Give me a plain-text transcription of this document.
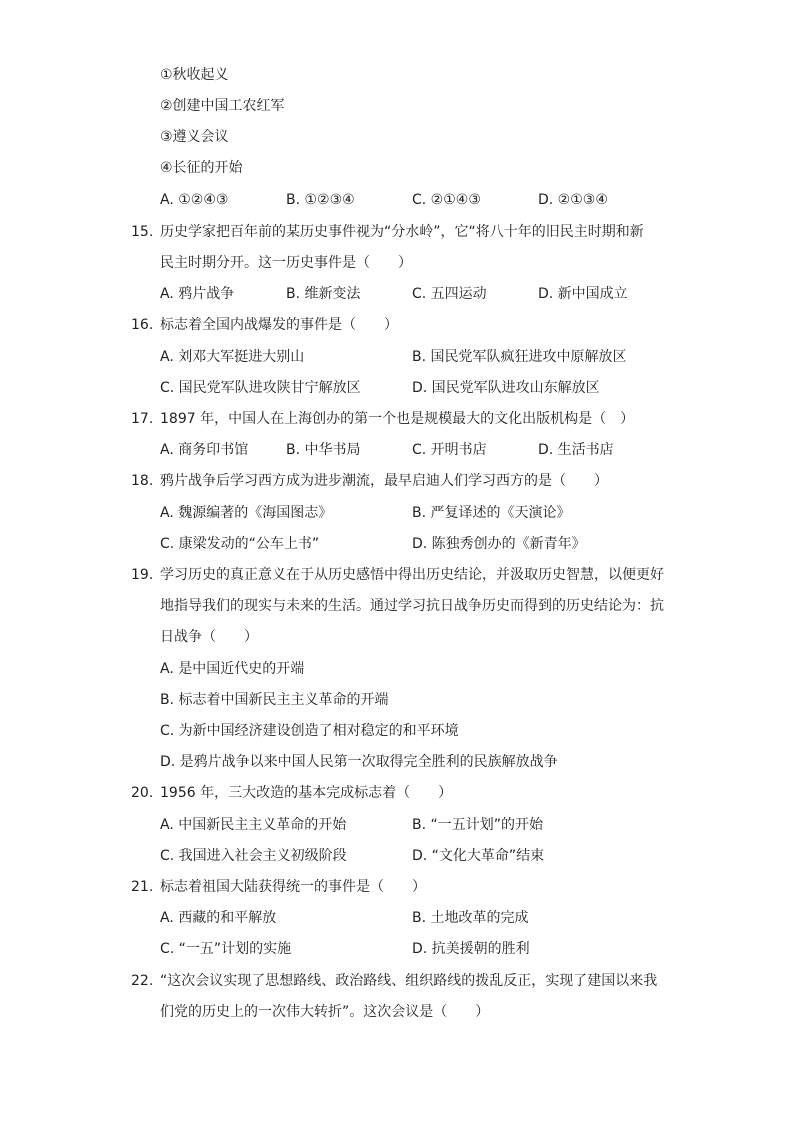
①秋收起义
②创建中国工农红军
③遵义会议
④长征的开始
A. ①②④③	B. ①②③④	C. ②①④③	D. ②①③④
15. 历史学家把百年前的某历史事件视为“分水岭”，它“将八十年的旧民主时期和新
民主时期分开。这一历史事件是（　　）
A. 鸦片战争	B. 维新变法	C. 五四运动	D. 新中国成立
16. 标志着全国内战爆发的事件是（　　）
A. 刘邓大军挺进大别山	B. 国民党军队疯狂进攻中原解放区
C. 国民党军队进攻陕甘宁解放区	D. 国民党军队进攻山东解放区
17. 1897 年，中国人在上海创办的第一个也是规模最大的文化出版机构是（　）
A. 商务印书馆	B. 中华书局	C. 开明书店	D. 生活书店
18. 鸦片战争后学习西方成为进步潮流，最早启迪人们学习西方的是（　　）
A. 魏源编著的《海国图志》	B. 严复译述的《天演论》
C. 康梁发动的“公车上书”	D. 陈独秀创办的《新青年》
19. 学习历史的真正意义在于从历史感悟中得出历史结论，并汲取历史智慧，以便更好
地指导我们的现实与未来的生活。通过学习抗日战争历史而得到的历史结论为：抗
日战争（　　）
A. 是中国近代史的开端
B. 标志着中国新民主主义革命的开端
C. 为新中国经济建设创造了相对稳定的和平环境
D. 是鸦片战争以来中国人民第一次取得完全胜利的民族解放战争
20. 1956 年，三大改造的基本完成标志着（　　）
A. 中国新民主主义革命的开始	B. “一五计划”的开始
C. 我国进入社会主义初级阶段	D. “文化大革命”结束
21. 标志着祖国大陆获得统一的事件是（　　）
A. 西藏的和平解放	B. 土地改革的完成
C. “一五”计划的实施	D. 抗美援朝的胜利
22. “这次会议实现了思想路线、政治路线、组织路线的拨乱反正，实现了建国以来我
们党的历史上的一次伟大转折”。这次会议是（　　）
